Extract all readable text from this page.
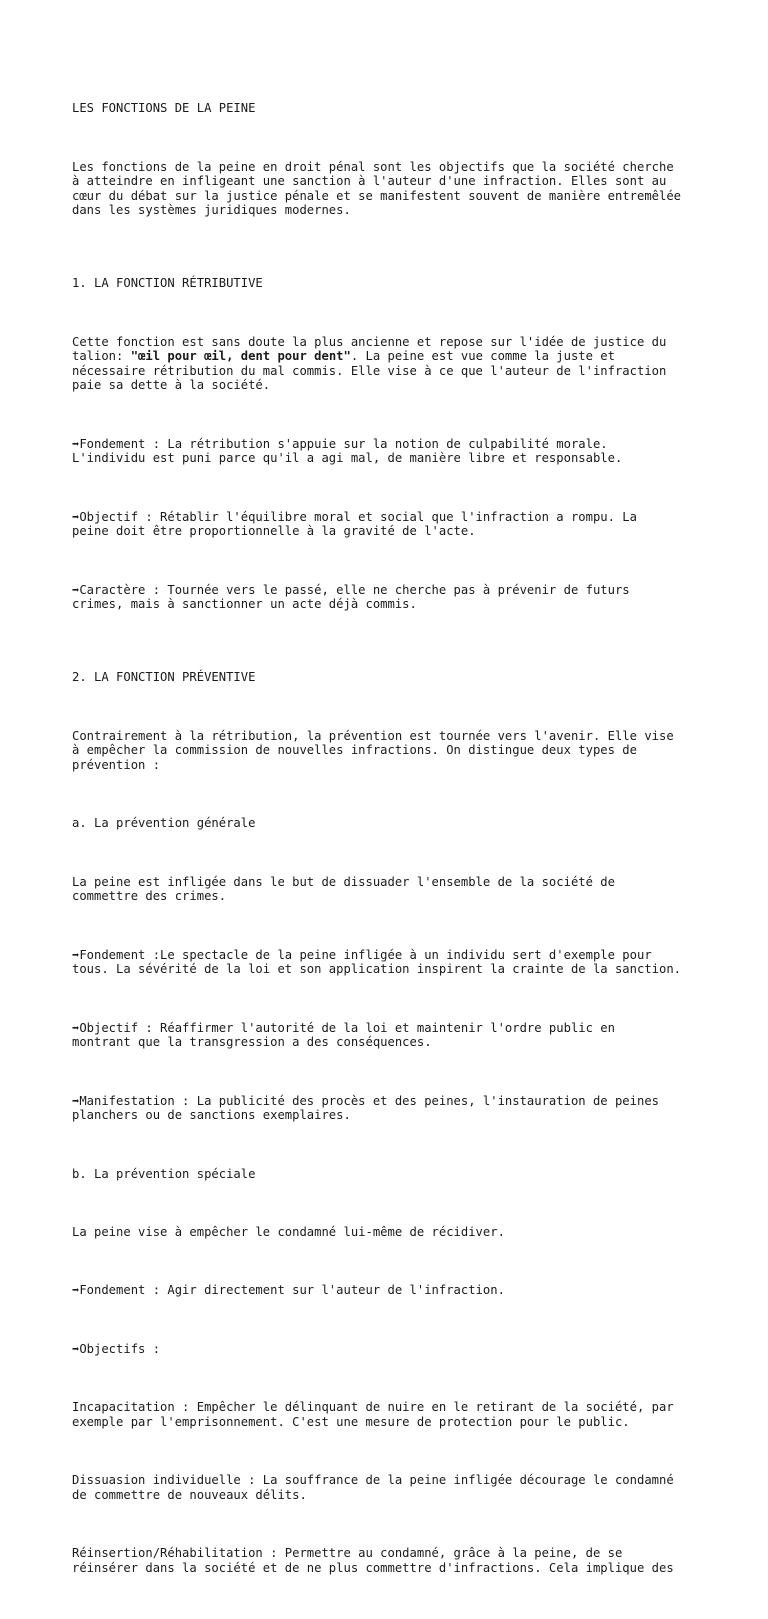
LES FONCTIONS DE LA PEINE

Les fonctions de la peine en droit pénal sont les objectifs que la société cherche
à atteindre en infligeant une sanction à l'auteur d'une infraction. Elles sont au
cœur du débat sur la justice pénale et se manifestent souvent de manière entremêlée
dans les systèmes juridiques modernes.

1. LA FONCTION RÉTRIBUTIVE

Cette fonction est sans doute la plus ancienne et repose sur l'idée de justice du
talion: "œil pour œil, dent pour dent". La peine est vue comme la juste et
nécessaire rétribution du mal commis. Elle vise à ce que l'auteur de l'infraction
paie sa dette à la société.

➡Fondement : La rétribution s'appuie sur la notion de culpabilité morale.
L'individu est puni parce qu'il a agi mal, de manière libre et responsable.

➡Objectif : Rétablir l'équilibre moral et social que l'infraction a rompu. La
peine doit être proportionnelle à la gravité de l'acte.

➡Caractère : Tournée vers le passé, elle ne cherche pas à prévenir de futurs
crimes, mais à sanctionner un acte déjà commis.

2. LA FONCTION PRÉVENTIVE

Contrairement à la rétribution, la prévention est tournée vers l'avenir. Elle vise
à empêcher la commission de nouvelles infractions. On distingue deux types de
prévention :

a. La prévention générale

La peine est infligée dans le but de dissuader l'ensemble de la société de
commettre des crimes.

➡Fondement :Le spectacle de la peine infligée à un individu sert d'exemple pour
tous. La sévérité de la loi et son application inspirent la crainte de la sanction.

➡Objectif : Réaffirmer l'autorité de la loi et maintenir l'ordre public en
montrant que la transgression a des conséquences.

➡Manifestation : La publicité des procès et des peines, l'instauration de peines
planchers ou de sanctions exemplaires.

b. La prévention spéciale

La peine vise à empêcher le condamné lui-même de récidiver.

➡Fondement : Agir directement sur l'auteur de l'infraction.

➡Objectifs :

Incapacitation : Empêcher le délinquant de nuire en le retirant de la société, par
exemple par l'emprisonnement. C'est une mesure de protection pour le public.

Dissuasion individuelle : La souffrance de la peine infligée décourage le condamné
de commettre de nouveaux délits.

Réinsertion/Réhabilitation : Permettre au condamné, grâce à la peine, de se
réinsérer dans la société et de ne plus commettre d'infractions. Cela implique des
